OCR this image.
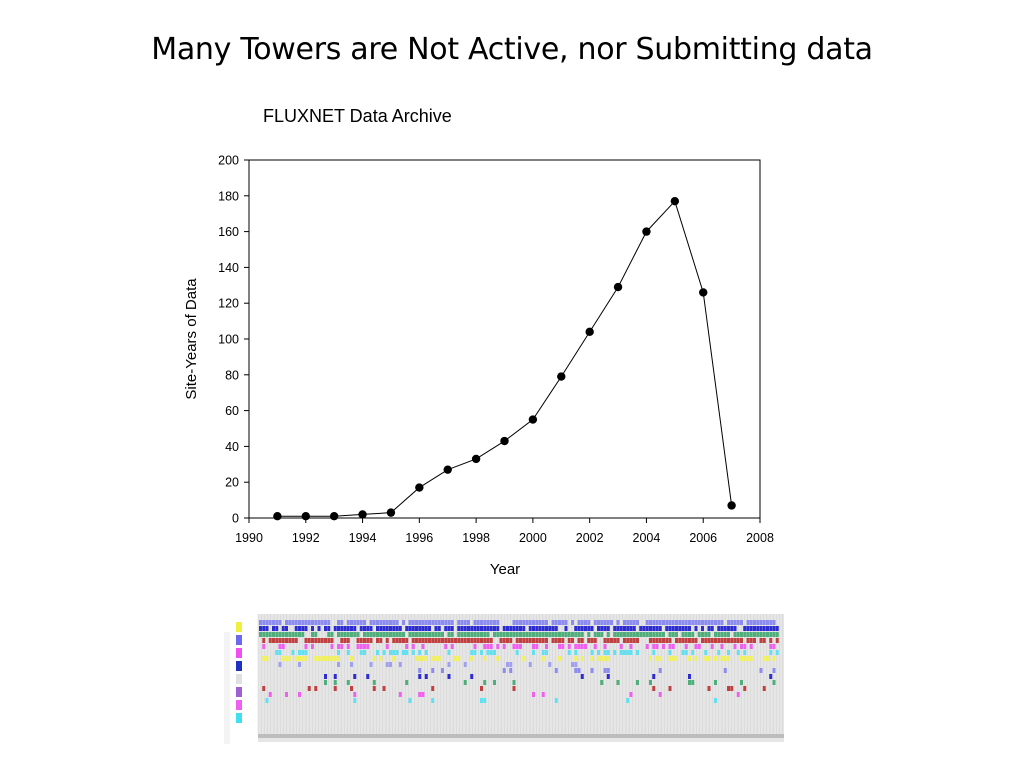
Many Towers are Not Active, nor Submitting data
FLUXNET Data Archive
0
20
40
60
80
100
120
140
160
180
200
1990 1992 1994 1996 1998 2000 2002 2004 2006 2008
Year
Site-Years of Data
